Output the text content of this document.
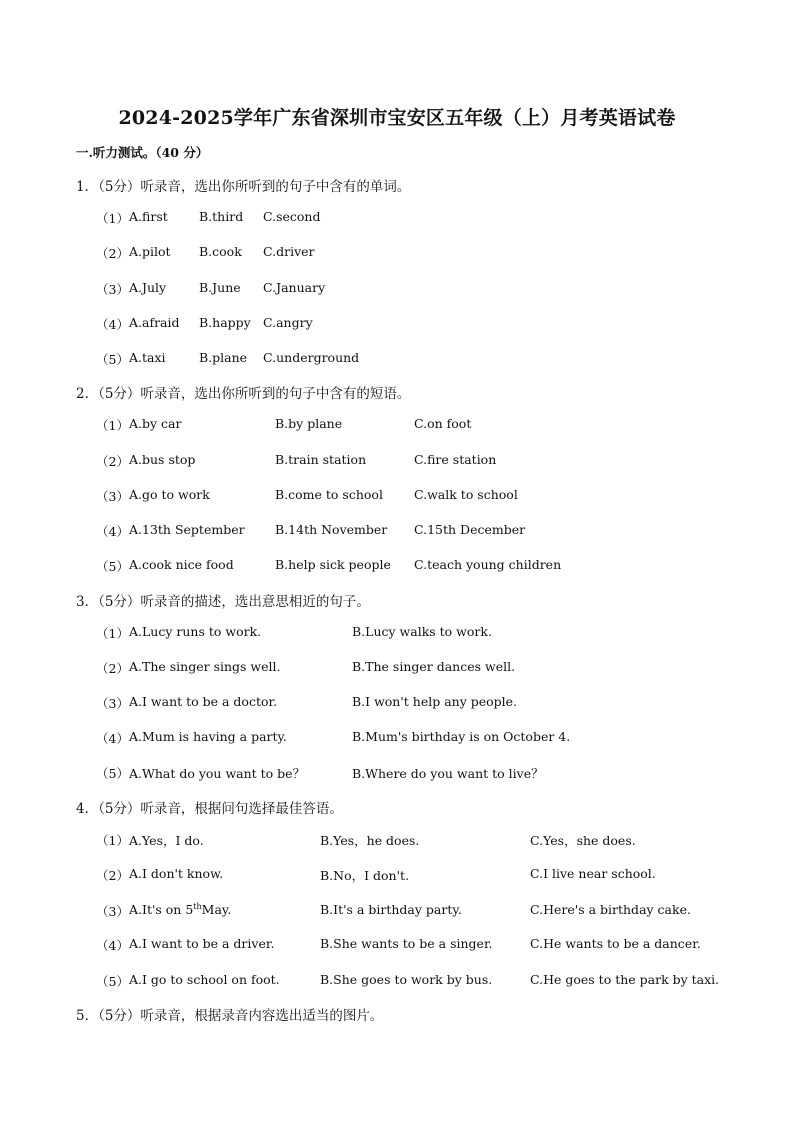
2024-2025学年广东省深圳市宝安区五年级（上）月考英语试卷
一.听力测试。（40 分）
1．（5分）听录音，选出你所听到的句子中含有的单词。
（1） A.first B.third C.second
（2） A.pilot B.cook C.driver
（3） A.July	B.June C.January
（4） A.afraid B.happy C.angry
（5） A.taxi	B.plane C.underground
2．（5分）听录音，选出你所听到的句子中含有的短语。
（1） A.by car	B.by plane	C.on foot
（2） A.bus stop	B.train station	C.fire station
（3） A.go to work	B.come to school C.walk to school
（4） A.13th September B.14th November C.15th December
（5） A.cook nice food	B.help sick people C.teach young children
3．（5分）听录音的描述，选出意思相近的句子。
（1） A.Lucy runs to work.	B.Lucy walks to work.
（2） A.The singer sings well.	B.The singer dances well.
（3） A.I want to be a doctor.	B.I won't help any people.
（4） A.Mum is having a party.	B.Mum's birthday is on October 4.
（5） A.What do you want to be？	B.Where do you want to live？
4．（5分）听录音，根据问句选择最佳答语。
（1） A.Yes，I do.	B.Yes，he does.	C.Yes，she does.
（2） A.I don't know.	B.No，I don't.	C.I live near school.
（3） A.It's on 5thMay.	B.It's a birthday party.	C.Here's a birthday cake.
（4） A.I want to be a driver.	B.She wants to be a singer.	C.He wants to be a dancer.
（5） A.I go to school on foot.	B.She goes to work by bus.	C.He goes to the park by taxi.
5．（5分）听录音，根据录音内容选出适当的图片。
